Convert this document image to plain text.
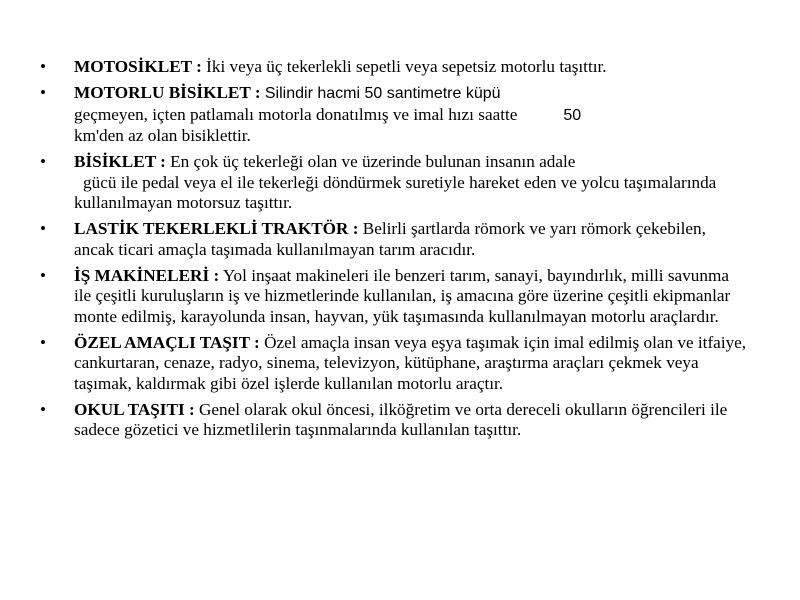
• MOTOSİKLET : İki veya üç tekerlekli sepetli veya sepetsiz motorlu taşıttır.
• MOTORLU BİSİKLET : Silindir hacmi 50 santimetre küpü
geçmeyen, içten patlamalı motorla donatılmış ve imal hızı saatte	50
km'den az olan bisiklettir.
• BİSİKLET : En çok üç tekerleği olan ve üzerinde bulunan insanın adale
gücü ile pedal veya el ile tekerleği döndürmek suretiyle hareket eden ve yolcu taşımalarında kullanılmayan motorsuz taşıttır.
• LASTİK TEKERLEKLİ TRAKTÖR : Belirli şartlarda römork ve yarı römork çekebilen, ancak ticari amaçla taşımada kullanılmayan tarım aracıdır.
• İŞ MAKİNELERİ : Yol inşaat makineleri ile benzeri tarım, sanayi, bayındırlık, milli savunma ile çeşitli kuruluşların iş ve hizmetlerinde kullanılan, iş amacına göre üzerine çeşitli ekipmanlar monte edilmiş, karayolunda insan, hayvan, yük taşımasında kullanılmayan motorlu araçlardır.
• ÖZEL AMAÇLI TAŞIT : Özel amaçla insan veya eşya taşımak için imal edilmiş olan ve itfaiye, cankurtaran, cenaze, radyo, sinema, televizyon, kütüphane, araştırma araçları çekmek veya taşımak, kaldırmak gibi özel işlerde kullanılan motorlu araçtır.
• OKUL TAŞITI : Genel olarak okul öncesi, ilköğretim ve orta dereceli okulların öğrencileri ile sadece gözetici ve hizmetlilerin taşınmalarında kullanılan taşıttır.
